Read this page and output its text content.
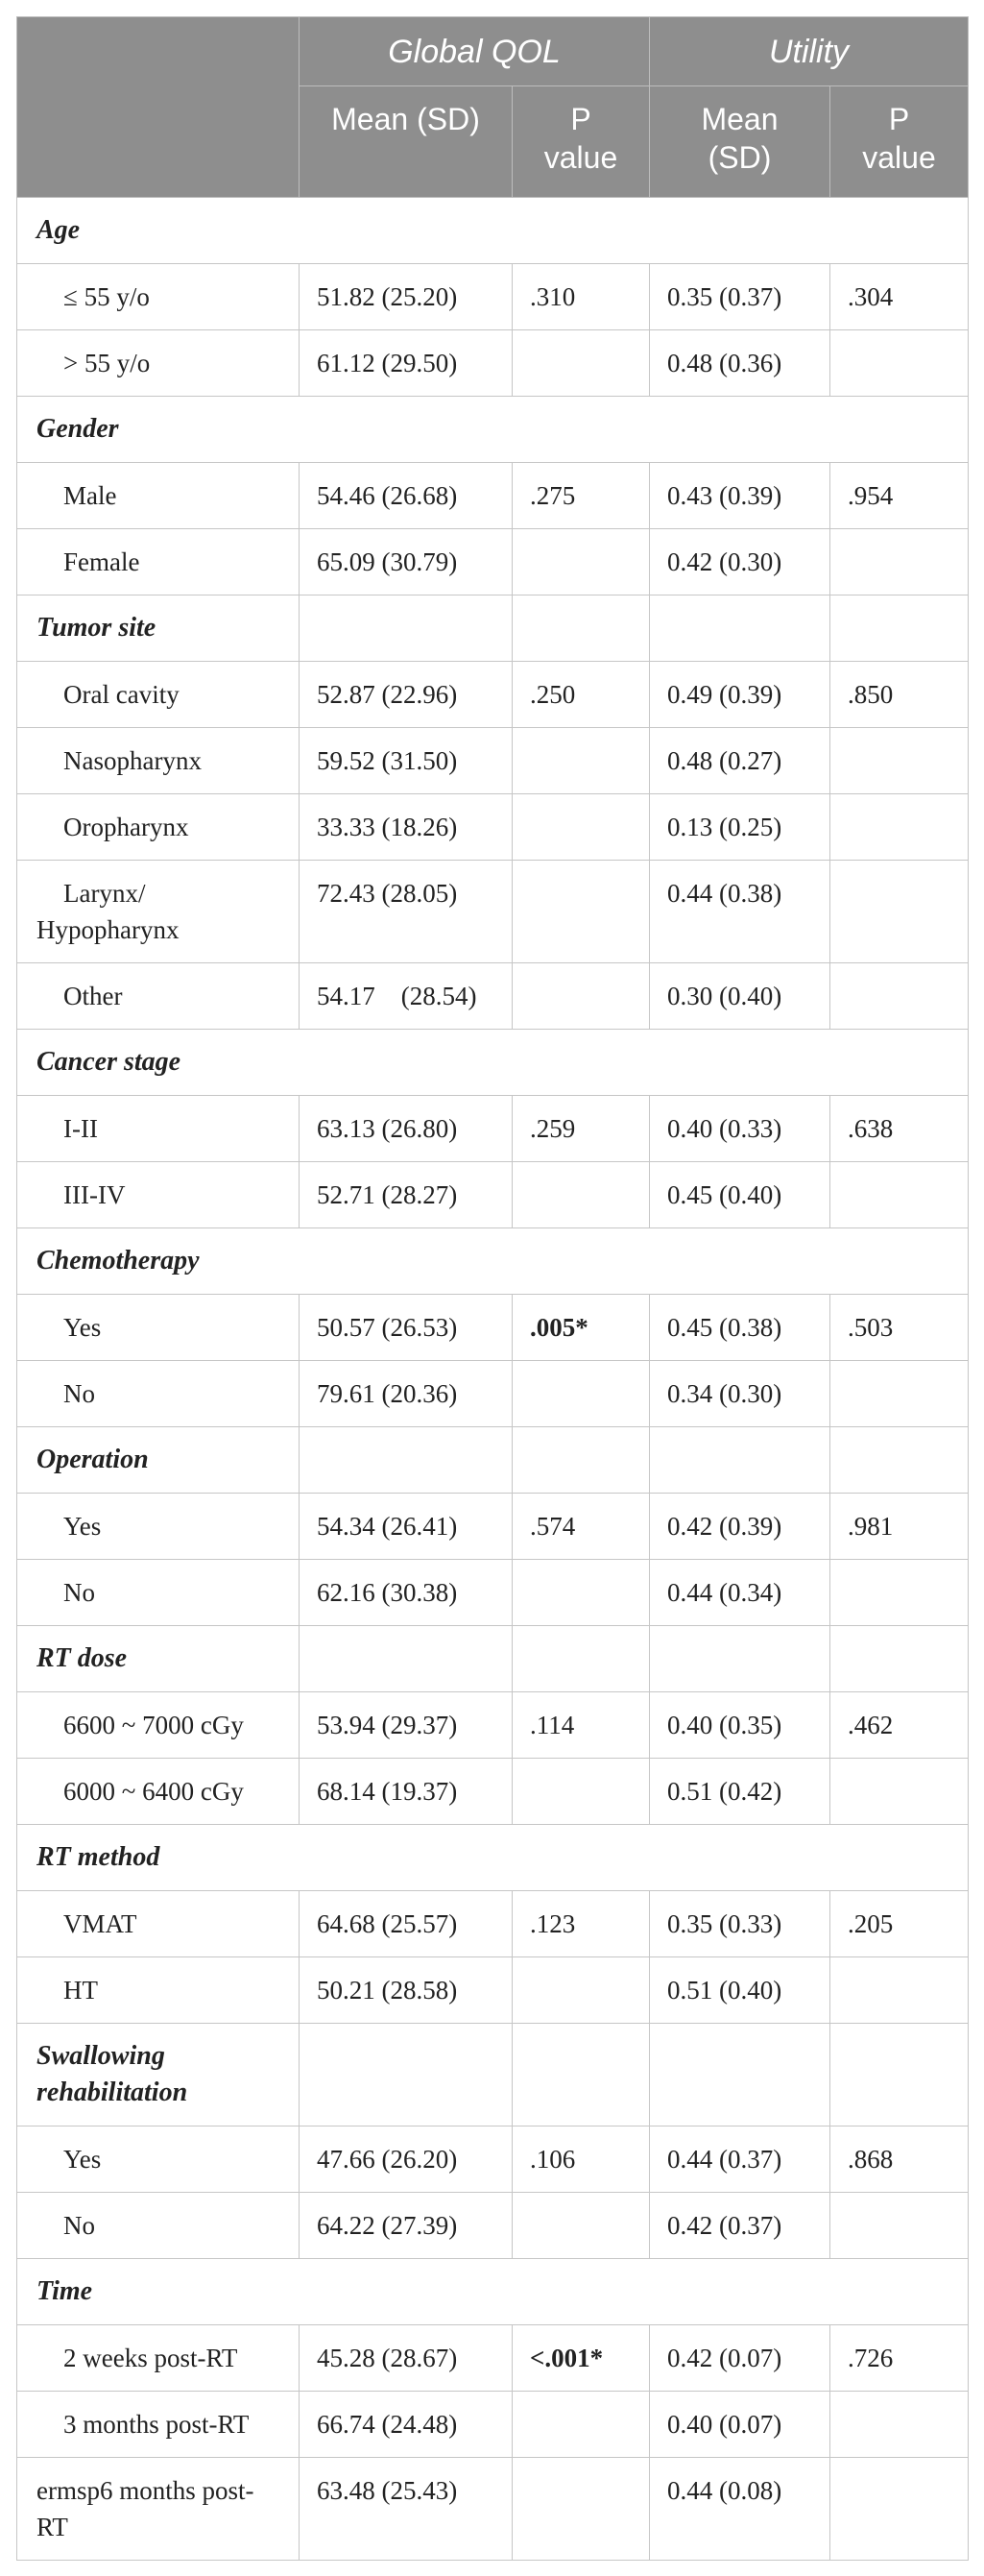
	Global QOL		Utility	
	Mean (SD)	P value	Mean (SD)	P value

Age				

≤ 55 y/o	51.82 (25.20)	.310	0.35 (0.37)	.304

> 55 y/o	61.12 (29.50)		0.48 (0.36)	

Gender				

Male	54.46 (26.68)	.275	0.43 (0.39)	.954

Female	65.09 (30.79)		0.42 (0.30)	

Tumor site				

Oral cavity	52.87 (22.96)	.250	0.49 (0.39)	.850

Nasopharynx	59.52 (31.50)		0.48 (0.27)	

Oropharynx	33.33 (18.26)		0.13 (0.25)	

Larynx/ Hypopharynx	72.43 (28.05)		0.44 (0.38)	

Other	54.17    (28.54)		0.30 (0.40)	

Cancer stage				

I-II	63.13 (26.80)	.259	0.40 (0.33)	.638

III-IV	52.71 (28.27)		0.45 (0.40)	

Chemotherapy				

Yes	50.57 (26.53)	.005*	0.45 (0.38)	.503

No	79.61 (20.36)		0.34 (0.30)	

Operation				

Yes	54.34 (26.41)	.574	0.42 (0.39)	.981

No	62.16 (30.38)		0.44 (0.34)	

RT dose				

6600 ~ 7000 cGy	53.94 (29.37)	.114	0.40 (0.35)	.462

6000 ~ 6400 cGy	68.14 (19.37)		0.51 (0.42)	

RT method				

VMAT	64.68 (25.57)	.123	0.35 (0.33)	.205

HT	50.21 (28.58)		0.51 (0.40)	

Swallowing rehabilitation				

Yes	47.66 (26.20)	.106	0.44 (0.37)	.868

No	64.22 (27.39)		0.42 (0.37)	

Time				

2 weeks post-RT	45.28 (28.67)	<.001*	0.42 (0.07)	.726

3 months post-RT	66.74 (24.48)		0.40 (0.07)	

ermsp6 months post-RT	63.48 (25.43)		0.44 (0.08)	
